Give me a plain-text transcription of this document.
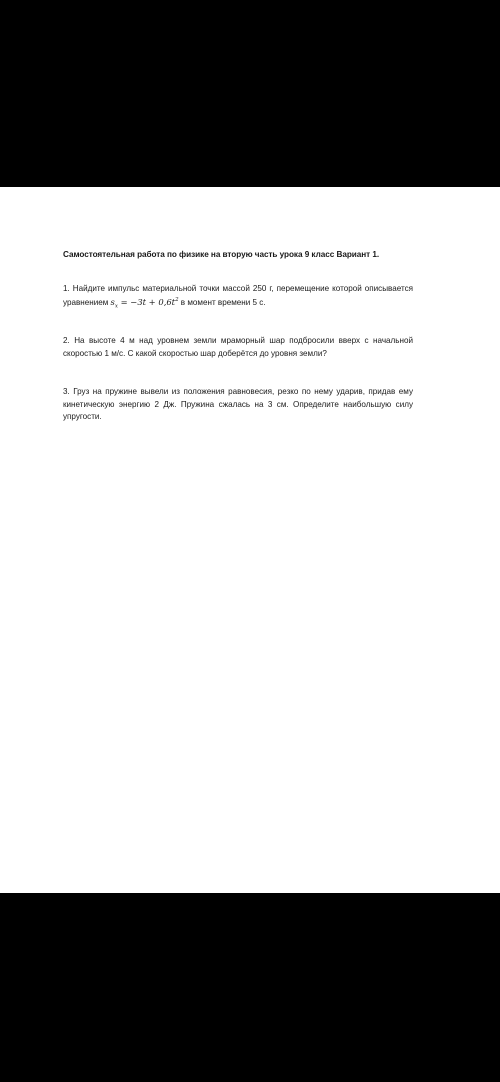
Самостоятельная работа по физике на вторую часть урока 9 класс Вариант 1.

1. Найдите импульс материальной точки массой 250 г, перемещение которой описывается уравнением $s_x = -3t + 0,6t^2$ в момент времени 5 с.

2. На высоте 4 м над уровнем земли мраморный шар подбросили вверх с начальной скоростью 1 м/с. С какой скоростью шар доберётся до уровня земли?

3. Груз на пружине вывели из положения равновесия, резко по нему ударив, придав ему кинетическую энергию 2 Дж. Пружина сжалась на 3 см. Определите наибольшую силу упругости.
